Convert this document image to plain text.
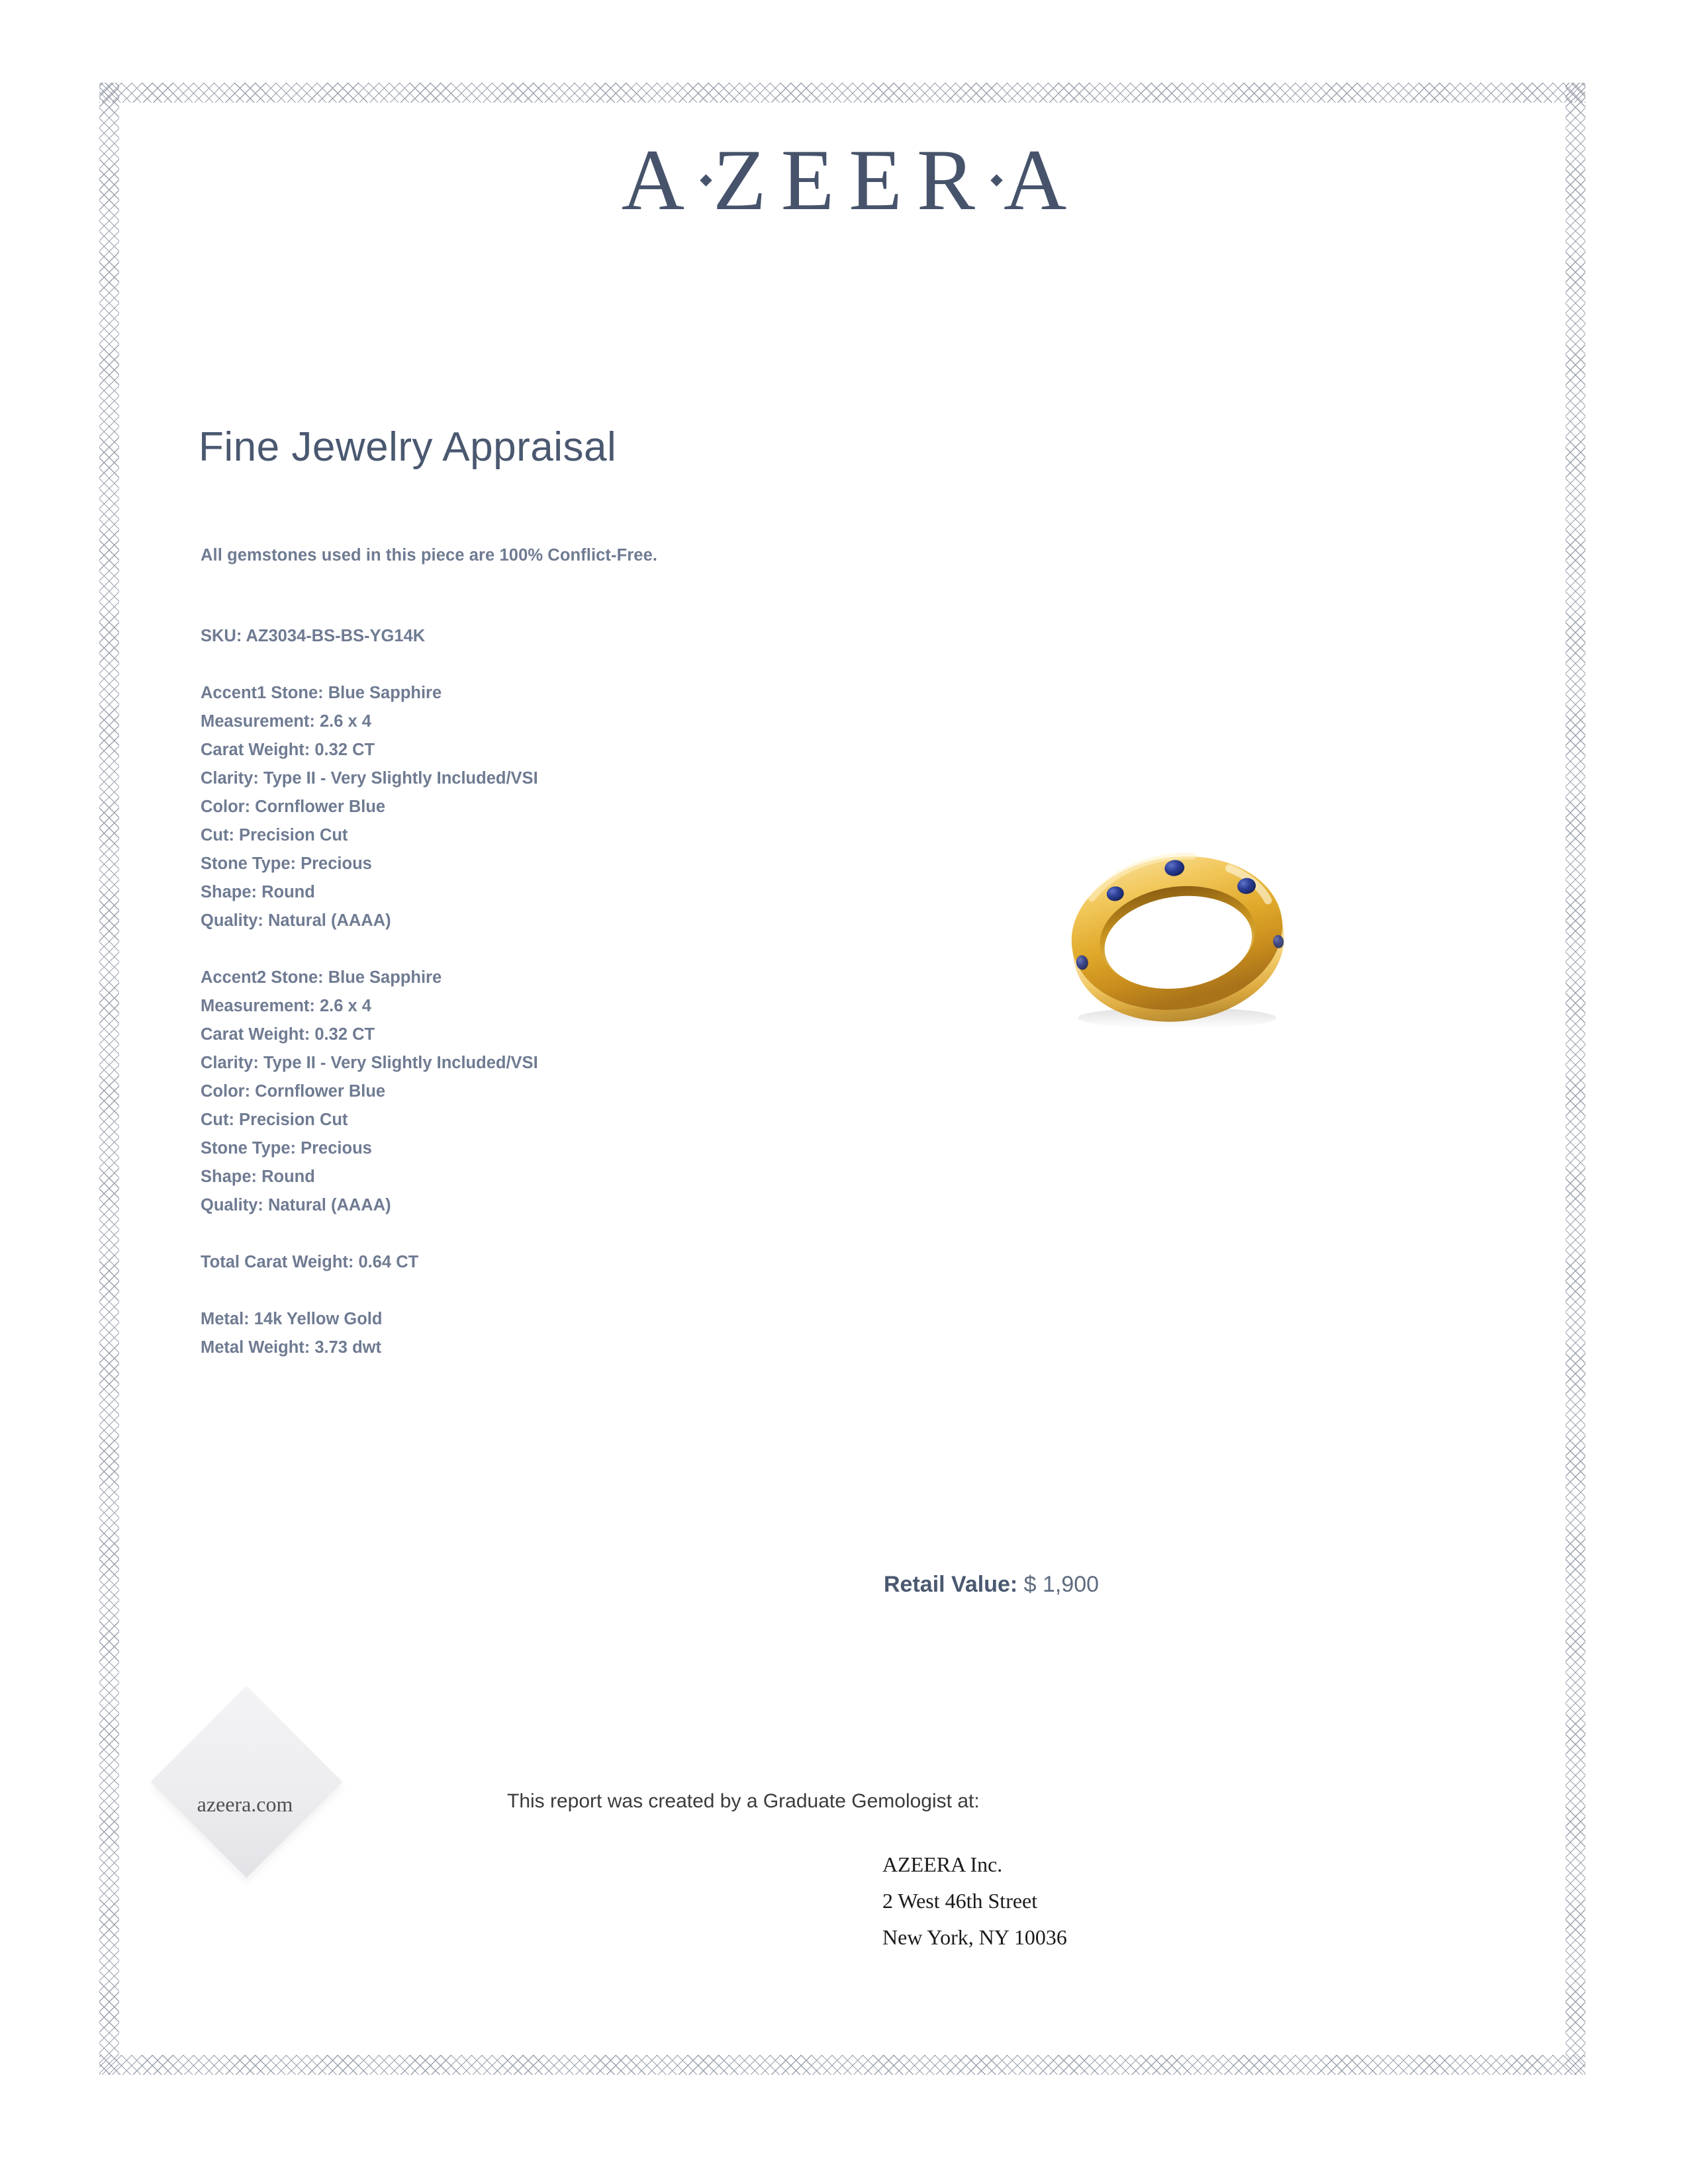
A ZEER A
Fine Jewelry Appraisal
All gemstones used in this piece are 100% Conflict-Free.
SKU: AZ3034-BS-BS-YG14K
Accent1 Stone: Blue Sapphire
Measurement: 2.6 x 4
Carat Weight: 0.32 CT
Clarity: Type II - Very Slightly Included/VSI
Color: Cornflower Blue
Cut: Precision Cut
Stone Type: Precious
Shape: Round
Quality: Natural (AAAA)
Accent2 Stone: Blue Sapphire
Measurement: 2.6 x 4
Carat Weight: 0.32 CT
Clarity: Type II - Very Slightly Included/VSI
Color: Cornflower Blue
Cut: Precision Cut
Stone Type: Precious
Shape: Round
Quality: Natural (AAAA)
Total Carat Weight: 0.64 CT
Metal: 14k Yellow Gold
Metal Weight: 3.73 dwt
Retail Value: $ 1,900
This report was created by a Graduate Gemologist at:
AZEERA Inc.
2 West 46th Street
New York, NY 10036
azeera.com
